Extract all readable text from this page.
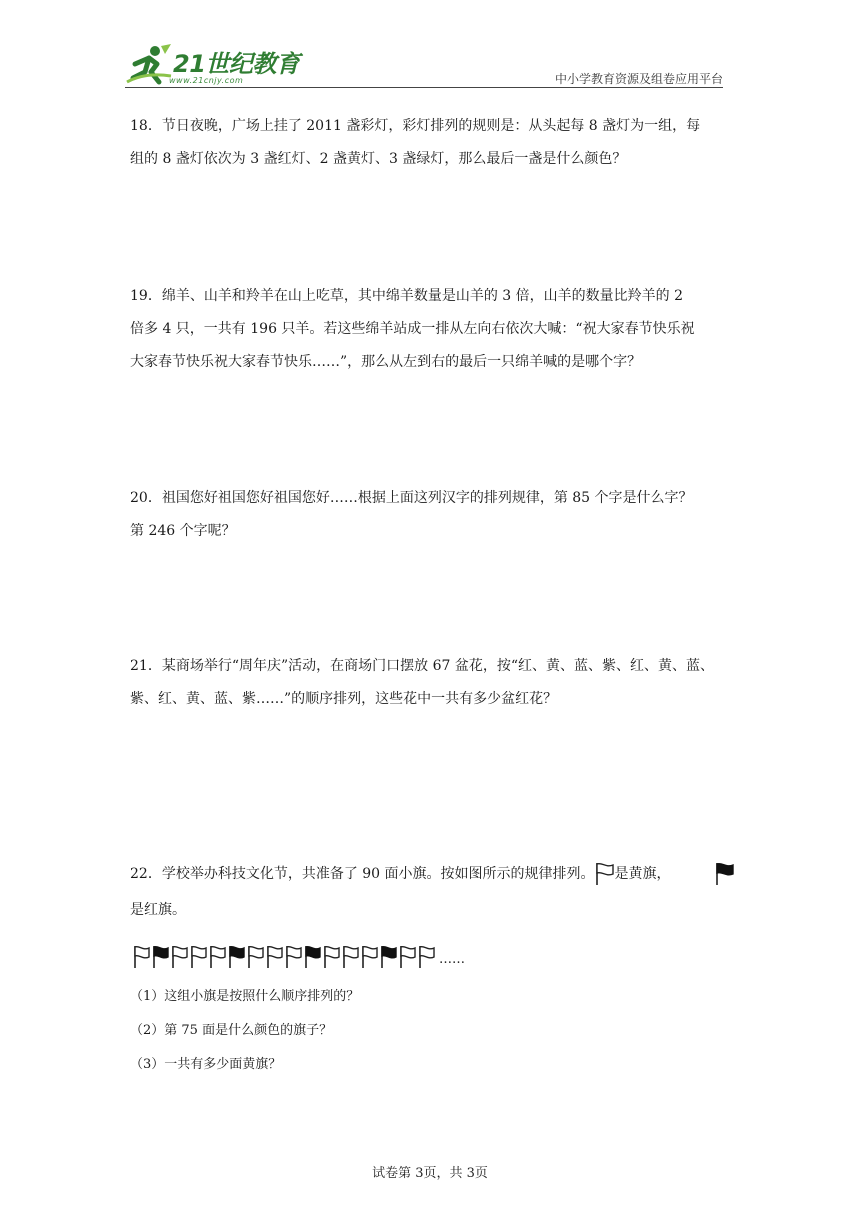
21世纪教育
www.21cnjy.com	中小学教育资源及组卷应用平台

18．节日夜晚，广场上挂了 2011 盏彩灯，彩灯排列的规则是：从头起每 8 盏灯为一组，每

组的 8 盏灯依次为 3 盏红灯、2 盏黄灯、3 盏绿灯，那么最后一盏是什么颜色？

19．绵羊、山羊和羚羊在山上吃草，其中绵羊数量是山羊的 3 倍，山羊的数量比羚羊的 2

倍多 4 只，一共有 196 只羊。若这些绵羊站成一排从左向右依次大喊：“祝大家春节快乐祝

大家春节快乐祝大家春节快乐……”，那么从左到右的最后一只绵羊喊的是哪个字？

20．祖国您好祖国您好祖国您好……根据上面这列汉字的排列规律，第 85 个字是什么字？

第 246 个字呢？

21．某商场举行“周年庆”活动，在商场门口摆放 67 盆花，按“红、黄、蓝、紫、红、黄、蓝、

紫、红、黄、蓝、紫……”的顺序排列，这些花中一共有多少盆红花？

22．学校举办科技文化节，共准备了 90 面小旗。按如图所示的规律排列。 是黄旗，

是红旗。

……
（1）这组小旗是按照什么顺序排列的？
（2）第 75 面是什么颜色的旗子？
（3）一共有多少面黄旗？
试卷第 3页，共 3页
